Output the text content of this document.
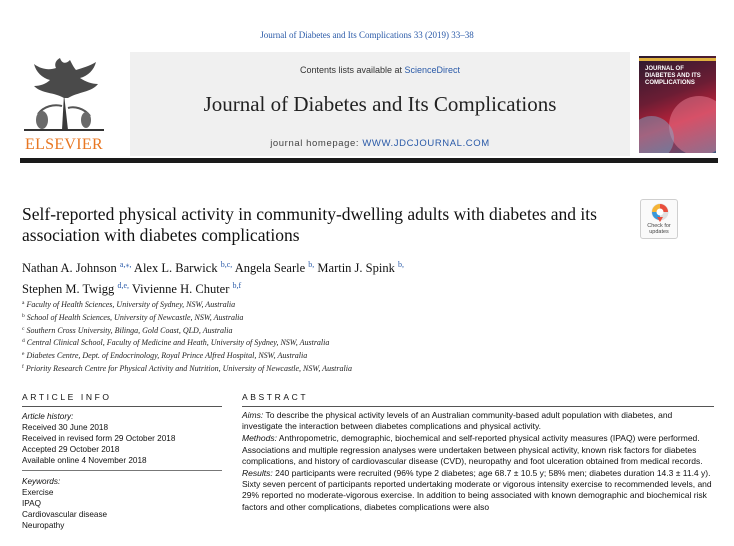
Journal of Diabetes and Its Complications 33 (2019) 33–38
ELSEVIER
Contents lists available at ScienceDirect
Journal of Diabetes and Its Complications
journal homepage: WWW.JDCJOURNAL.COM
JOURNAL OF DIABETES AND ITS COMPLICATIONS
Check for updates
Self-reported physical activity in community-dwelling adults with diabetes and its association with diabetes complications
Nathan A. Johnson $^{a,⁎,}$ Alex L. Barwick $^{b,c,}$ Angela Searle $^{b,}$ Martin J. Spink $^{b,}$
Stephen M. Twigg $^{d,e,}$ Vivienne H. Chuter $^{b,f}$
$^a$ Faculty of Health Sciences, University of Sydney, NSW, Australia
$^b$ School of Health Sciences, University of Newcastle, NSW, Australia
$^c$ Southern Cross University, Bilinga, Gold Coast, QLD, Australia
$^d$ Central Clinical School, Faculty of Medicine and Heath, University of Sydney, NSW, Australia
$^e$ Diabetes Centre, Dept. of Endocrinology, Royal Prince Alfred Hospital, NSW, Australia
$^f$ Priority Research Centre for Physical Activity and Nutrition, University of Newcastle, NSW, Australia
ARTICLE INFO	ABSTRACT
Article history:
Received 30 June 2018
Received in revised form 29 October 2018
Accepted 29 October 2018
Available online 4 November 2018
Keywords:
Exercise
IPAQ
Cardiovascular disease
Neuropathy

Aims: To describe the physical activity levels of an Australian community-based adult population with diabetes, and investigate the interaction between diabetes complications and physical activity.

Methods: Anthropometric, demographic, biochemical and self-reported physical activity measures (IPAQ) were performed. Associations and multiple regression analyses were undertaken between physical activity, known risk factors for diabetes complications, and history of cardiovascular disease (CVD), neuropathy and foot ulceration obtained from medical records.

Results: 240 participants were recruited (96% type 2 diabetes; age 68.7 ± 10.5 y; 58% men; diabetes duration 14.3 ± 11.4 y). Sixty seven percent of participants reported undertaking moderate or vigorous intensity exercise to recommended levels, and 29% reported no moderate-vigorous exercise. In addition to being associated with known demographic and biochemical risk factors and other complications, diabetes complications were also
